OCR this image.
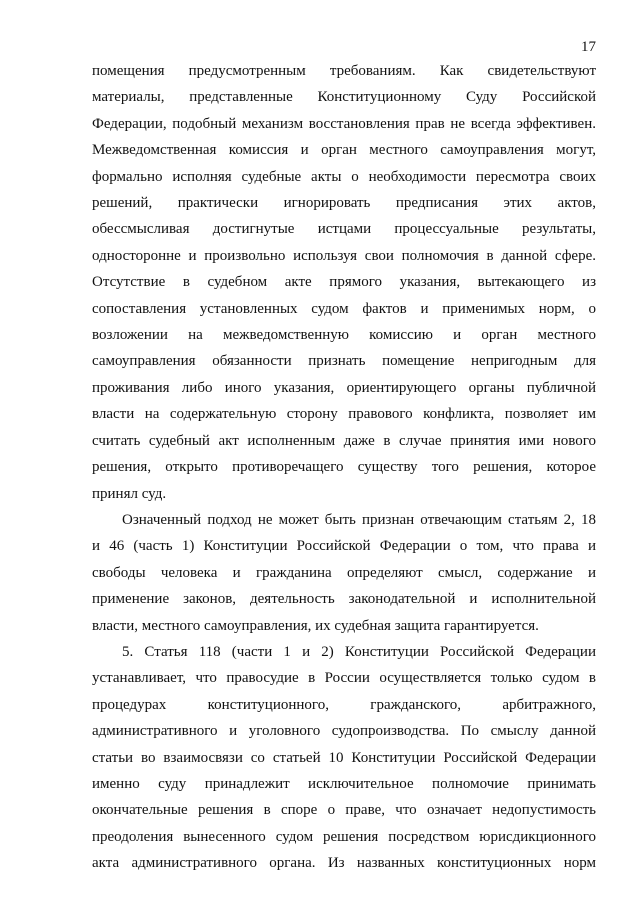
17
помещения предусмотренным требованиям. Как свидетельствуют
материалы, представленные Конституционному Суду Российской
Федерации, подобный механизм восстановления прав не всегда эффективен.
Межведомственная комиссия и орган местного самоуправления могут,
формально исполняя судебные акты о необходимости пересмотра своих
решений, практически игнорировать предписания этих актов,
обессмысливая достигнутые истцами процессуальные результаты,
односторонне и произвольно используя свои полномочия в данной сфере.
Отсутствие в судебном акте прямого указания, вытекающего из
сопоставления установленных судом фактов и применимых норм, о
возложении на межведомственную комиссию и орган местного
самоуправления обязанности признать помещение непригодным для
проживания либо иного указания, ориентирующего органы публичной
власти на содержательную сторону правового конфликта, позволяет им
считать судебный акт исполненным даже в случае принятия ими нового
решения, открыто противоречащего существу того решения, которое
принял суд.
Означенный подход не может быть признан отвечающим статьям 2, 18
и 46 (часть 1) Конституции Российской Федерации о том, что права и
свободы человека и гражданина определяют смысл, содержание и
применение законов, деятельность законодательной и исполнительной
власти, местного самоуправления, их судебная защита гарантируется.
5. Статья 118 (части 1 и 2) Конституции Российской Федерации
устанавливает, что правосудие в России осуществляется только судом в
процедурах конституционного, гражданского, арбитражного,
административного и уголовного судопроизводства. По смыслу данной
статьи во взаимосвязи со статьей 10 Конституции Российской Федерации
именно суду принадлежит исключительное полномочие принимать
окончательные решения в споре о праве, что означает недопустимость
преодоления вынесенного судом решения посредством юрисдикционного
акта административного органа. Из названных конституционных норм
